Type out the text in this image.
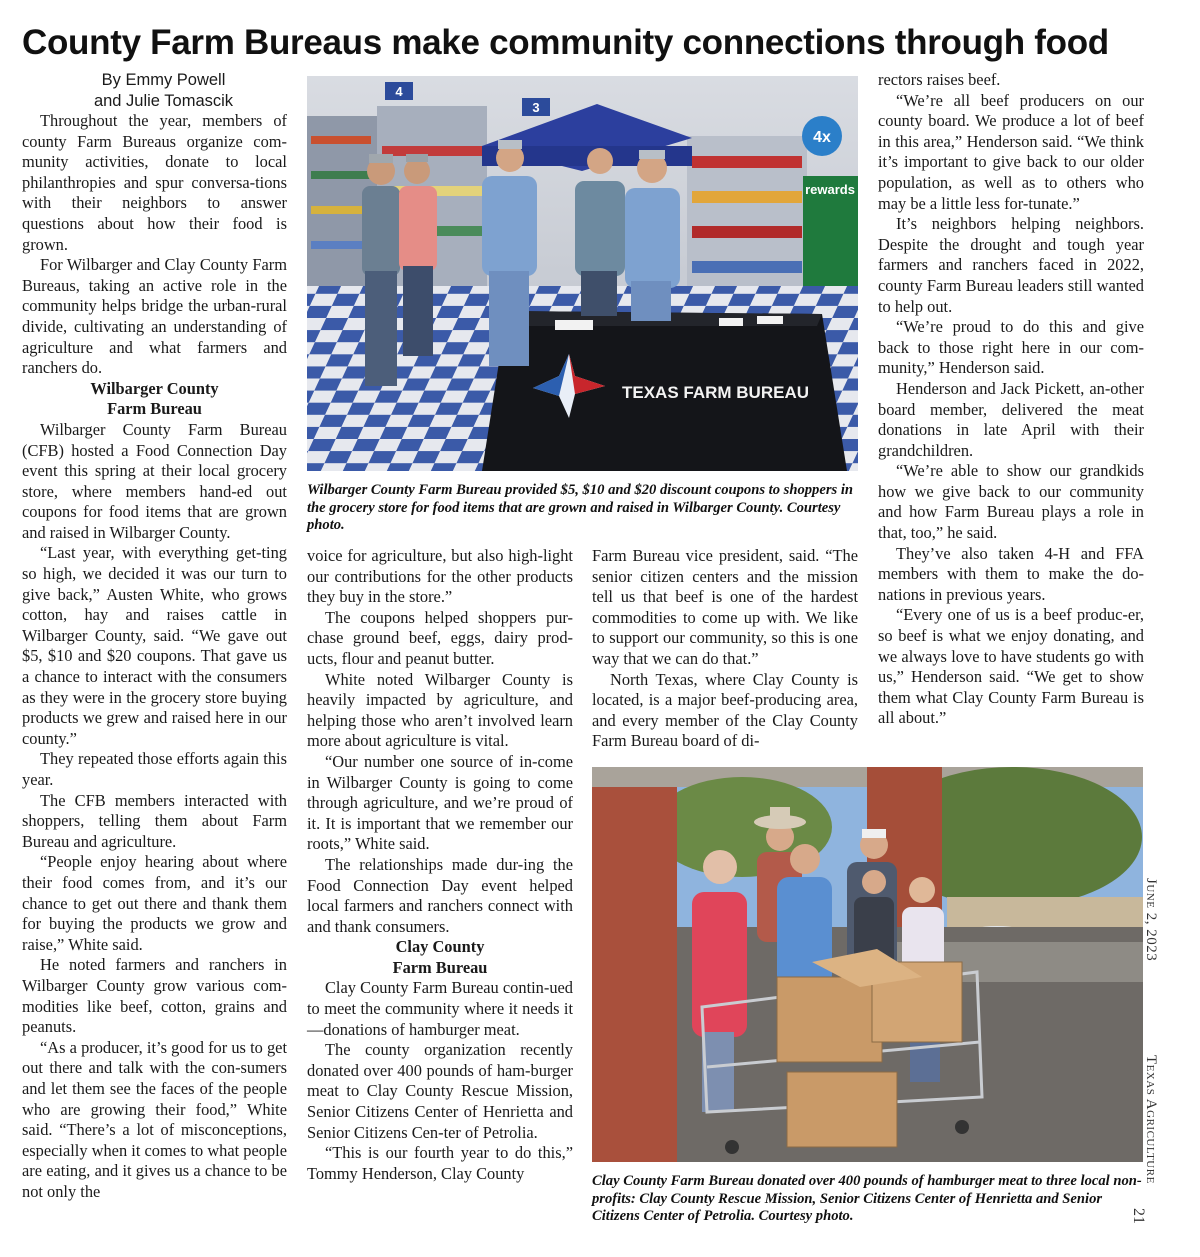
County Farm Bureaus make community connections through food

By Emmy Powell

and Julie Tomascik

Throughout the year, members of county Farm Bureaus organize com-munity activities, donate to local philanthropies and spur conversa-tions with their neighbors to answer questions about how their food is grown.

For Wilbarger and Clay County Farm Bureaus, taking an active role in the community helps bridge the urban-rural divide, cultivating an understanding of agriculture and what farmers and ranchers do.

Wilbarger County
Farm Bureau

Wilbarger County Farm Bureau (CFB) hosted a Food Connection Day event this spring at their local grocery store, where members hand-ed out coupons for food items that are grown and raised in Wilbarger County.

“Last year, with everything get-ting so high, we decided it was our turn to give back,” Austen White, who grows cotton, hay and raises cattle in Wilbarger County, said. “We gave out $5, $10 and $20 coupons. That gave us a chance to interact with the consumers as they were in the grocery store buying products we grew and raised here in our county.”

They repeated those efforts again this year.

The CFB members interacted with shoppers, telling them about Farm Bureau and agriculture.

“People enjoy hearing about where their food comes from, and it’s our chance to get out there and thank them for buying the products we grow and raise,” White said.

He noted farmers and ranchers in Wilbarger County grow various com-modities like beef, cotton, grains and peanuts.

“As a producer, it’s good for us to get out there and talk with the con-sumers and let them see the faces of the people who are growing their food,” White said. “There’s a lot of misconceptions, especially when it comes to what people are eating, and it gives us a chance to be not only the

4
3
rewards
4x
TEXAS FARM BUREAU

Wilbarger County Farm Bureau provided $5, $10 and $20 discount coupons to shoppers in the grocery store for food items that are grown and raised in Wilbarger County. Courtesy photo.

voice for agriculture, but also high-light our contributions for the other products they buy in the store.”

The coupons helped shoppers pur-chase ground beef, eggs, dairy prod-ucts, flour and peanut butter.

White noted Wilbarger County is heavily impacted by agriculture, and helping those who aren’t involved learn more about agriculture is vital.

“Our number one source of in-come in Wilbarger County is going to come through agriculture, and we’re proud of it. It is important that we remember our roots,” White said.

The relationships made dur-ing the Food Connection Day event helped local farmers and ranchers connect with and thank consumers.

Clay County
Farm Bureau

Clay County Farm Bureau contin-ued to meet the community where it needs it—donations of hamburger meat.

The county organization recently donated over 400 pounds of ham-burger meat to Clay County Rescue Mission, Senior Citizens Center of Henrietta and Senior Citizens Cen-ter of Petrolia.

“This is our fourth year to do this,” Tommy Henderson, Clay County

Farm Bureau vice president, said. “The senior citizen centers and the mission tell us that beef is one of the hardest commodities to come up with. We like to support our community, so this is one way that we can do that.”

North Texas, where Clay County is located, is a major beef-producing area, and every member of the Clay County Farm Bureau board of di-

rectors raises beef.

“We’re all beef producers on our county board. We produce a lot of beef in this area,” Henderson said. “We think it’s important to give back to our older population, as well as to others who may be a little less for-tunate.”

It’s neighbors helping neighbors. Despite the drought and tough year farmers and ranchers faced in 2022, county Farm Bureau leaders still wanted to help out.

“We’re proud to do this and give back to those right here in our com-munity,” Henderson said.

Henderson and Jack Pickett, an-other board member, delivered the meat donations in late April with their grandchildren.

“We’re able to show our grandkids how we give back to our community and how Farm Bureau plays a role in that, too,” he said.

They’ve also taken 4-H and FFA members with them to make the do-nations in previous years.

“Every one of us is a beef produc-er, so beef is what we enjoy donating, and we always love to have students go with us,” Henderson said. “We get to show them what Clay County Farm Bureau is all about.”

Clay County Farm Bureau donated over 400 pounds of hamburger meat to three local non-profits: Clay County Rescue Mission, Senior Citizens Center of Henrietta and Senior Citizens Center of Petrolia. Courtesy photo.

June 2, 2023
Texas Agriculture
21
